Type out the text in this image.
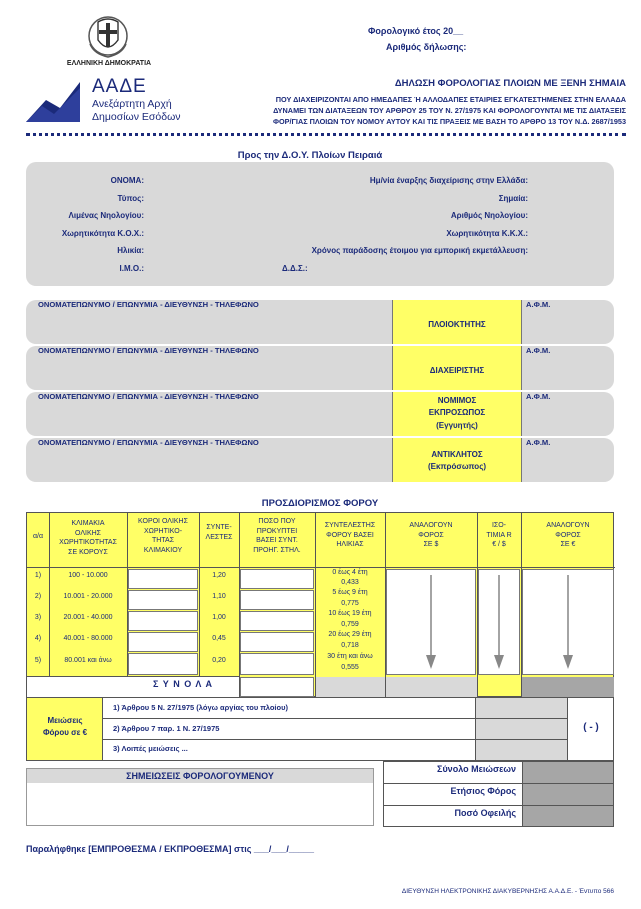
ΕΛΛΗΝΙΚΗ ΔΗΜΟΚΡΑΤΙΑ
ΑΑΔΕ
Ανεξάρτητη Αρχή
Δημοσίων Εσόδων
Φορολογικό έτος 20__
Αριθμός δήλωσης:
ΔΗΛΩΣΗ ΦΟΡΟΛΟΓΙΑΣ ΠΛΟΙΩΝ ΜΕ ΞΕΝΗ ΣΗΜΑΙΑ
ΠΟΥ ΔΙΑΧΕΙΡΙΖΟΝΤΑΙ ΑΠΟ ΗΜΕΔΑΠΕΣ Ή ΑΛΛΟΔΑΠΕΣ ΕΤΑΙΡΙΕΣ ΕΓΚΑΤΕΣΤΗΜΕΝΕΣ ΣΤΗΝ ΕΛΛΑΔΑ
ΔΥΝΑΜΕΙ ΤΩΝ ΔΙΑΤΑΞΕΩΝ ΤΟΥ ΑΡΘΡΟΥ 25 ΤΟΥ Ν. 27/1975 ΚΑΙ ΦΟΡΟΛΟΓΟΥΝΤΑΙ ΜΕ ΤΙΣ ΔΙΑΤΑΞΕΙΣ
ΦΟΡ/ΓΙΑΣ ΠΛΟΙΩΝ ΤΟΥ ΝΟΜΟΥ ΑΥΤΟΥ ΚΑΙ ΤΙΣ ΠΡΑΞΕΙΣ ΜΕ ΒΑΣΗ ΤΟ ΑΡΘΡΟ 13 ΤΟΥ Ν.Δ. 2687/1953
Προς την Δ.Ο.Υ. Πλοίων Πειραιά
ΟΝΟΜΑ:
Τύπος:
Λιμένας Νηολογίου:
Χωρητικότητα Κ.Ο.Χ.:
Ηλικία:
Ι.Μ.Ο.:
Ημ/νία έναρξης διαχείρισης στην Ελλάδα:
Σημαία:
Αριθμός Νηολογίου:
Χωρητικότητα Κ.Κ.Χ.:
Χρόνος παράδοσης έτοιμου για εμπορική εκμετάλλευση:
Δ.Δ.Σ.:
ΟΝΟΜΑΤΕΠΩΝΥΜΟ / ΕΠΩΝΥΜΙΑ - ΔΙΕΥΘΥΝΣΗ - ΤΗΛΕΦΩΝΟ
ΠΛΟΙΟΚΤΗΤΗΣ
Α.Φ.Μ.
ΟΝΟΜΑΤΕΠΩΝΥΜΟ / ΕΠΩΝΥΜΙΑ - ΔΙΕΥΘΥΝΣΗ - ΤΗΛΕΦΩΝΟ
ΔΙΑΧΕΙΡΙΣΤΗΣ
Α.Φ.Μ.
ΟΝΟΜΑΤΕΠΩΝΥΜΟ / ΕΠΩΝΥΜΙΑ - ΔΙΕΥΘΥΝΣΗ - ΤΗΛΕΦΩΝΟ	ΝΟΜΙΜΟΣ
ΕΚΠΡΟΣΩΠΟΣ
(Εγγυητής)
Α.Φ.Μ.
ΟΝΟΜΑΤΕΠΩΝΥΜΟ / ΕΠΩΝΥΜΙΑ - ΔΙΕΥΘΥΝΣΗ - ΤΗΛΕΦΩΝΟ
ΑΝΤΙΚΛΗΤΟΣ
(Εκπρόσωπος)
Α.Φ.Μ.
ΠΡΟΣΔΙΟΡΙΣΜΟΣ ΦΟΡΟΥ
α/α
ΚΛΙΜΑΚΙΑ
ΟΛΙΚΗΣ
ΧΩΡΗΤΙΚΟΤΗΤΑΣ
ΣΕ ΚΟΡΟΥΣ
ΚΟΡΟΙ ΟΛΙΚΗΣ
ΧΩΡΗΤΙΚΟ-
ΤΗΤΑΣ
ΚΛΙΜΑΚΙΟΥ
ΣΥΝΤΕ-
ΛΕΣΤΕΣ
ΠΟΣΟ ΠΟΥ
ΠΡΟΚΥΠΤΕΙ
ΒΑΣΕΙ ΣΥΝΤ.
ΠΡΟΗΓ. ΣΤΗΛ.
ΣΥΝΤΕΛΕΣΤΗΣ
ΦΟΡΟΥ ΒΑΣΕΙ
ΗΛΙΚΙΑΣ
ΑΝΑΛΟΓΟΥΝ
ΦΟΡΟΣ
ΣΕ $
ΙΣΟ-
ΤΙΜΙΑ R
€ / $
ΑΝΑΛΟΓΟΥΝ
ΦΟΡΟΣ
ΣΕ €
1)
2)
3)
4)
5)
100 - 10.000
10.001 - 20.000
20.001 - 40.000
40.001 - 80.000
80.001 και άνω
1,20
1,10
1,00
0,45
0,20
0 έως 4 έτη
0,433
5 έως 9 έτη
0,775
10 έως 19 έτη
0,759
20 έως 29 έτη
0,718
30 έτη και άνω
0,555
Σ Υ Ν Ο Λ Α
Μειώσεις
Φόρου σε €
1) Άρθρου 5 Ν. 27/1975 (λόγω αργίας του πλοίου)
2) Άρθρου 7 παρ. 1 Ν. 27/1975
3) Λοιπές μειώσεις ...
( - )
ΣΗΜΕΙΩΣΕΙΣ ΦΟΡΟΛΟΓΟΥΜΕΝΟΥ
Σύνολο Μειώσεων
Ετήσιος Φόρος
Ποσό Οφειλής
Παραλήφθηκε [ΕΜΠΡΟΘΕΣΜΑ / ΕΚΠΡΟΘΕΣΜΑ] στις ___/___/_____
ΔΙΕΥΘΥΝΣΗ ΗΛΕΚΤΡΟΝΙΚΗΣ ΔΙΑΚΥΒΕΡΝΗΣΗΣ Α.Α.Δ.Ε. - Έντυπο 566
